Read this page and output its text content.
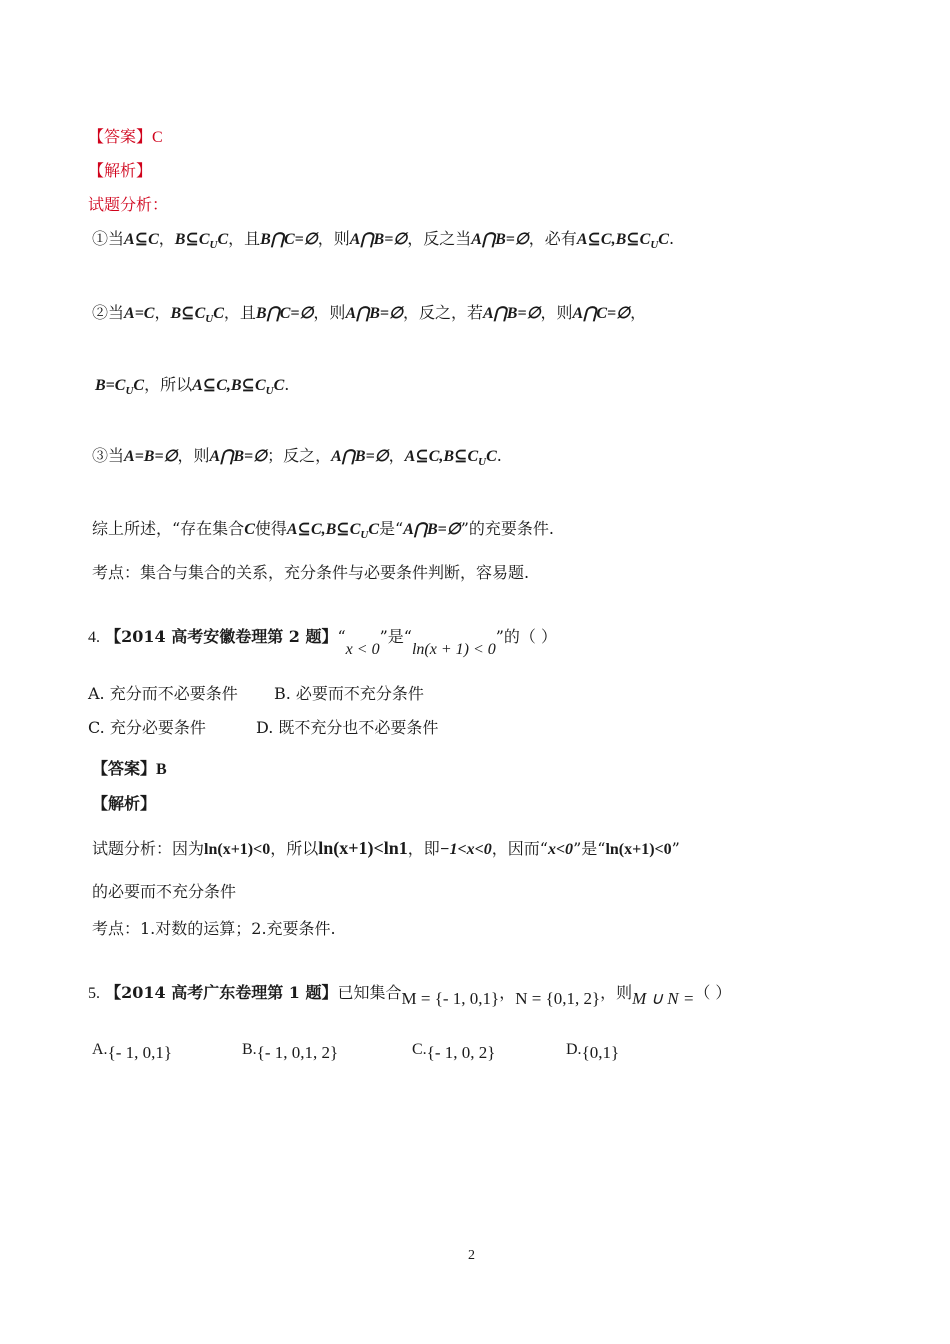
【答案】C
【解析】
试题分析：
①当A⊆C，$B⊆C_UC$，且B⋂C=∅，则A⋂B=∅，反之当A⋂B=∅，必有$A⊆C,B⊆C_UC$.
②当A=C，$B⊆C_UC$，且B⋂C=∅，则A⋂B=∅，反之，若A⋂B=∅，则A⋂C=∅，
$B=C_UC$，所以$A⊆C,B⊆C_UC$.
③当A=B=∅，则A⋂B=∅；反之，A⋂B=∅，$A⊆C,B⊆C_UC$.
综上所述，“存在集合C使得$A⊆C,B⊆C_UC$是“A⋂B=∅”的充要条件.
考点：集合与集合的关系，充分条件与必要条件判断，容易题.
4. 【2014 高考安徽卷理第 2 题】“x < 0”是“ln(x + 1) < 0”的（ ）
A. 充分而不必要条件 B. 必要而不充分条件
C. 充分必要条件	D. 既不充分也不必要条件
【答案】B
【解析】
试题分析：因为ln(x+1)<0，所以ln(x+1)<ln1，即−1<x<0，因而“x<0”是“ln(x+1)<0”
的必要而不充分条件
考点：1.对数的运算；2.充要条件.
5. 【2014 高考广东卷理第 1 题】已知集合M = {- 1, 0,1}，N = {0,1, 2}，则M ∪ N =（ ）
A.{- 1, 0,1}	B.{- 1, 0,1, 2}	C.{- 1, 0, 2}	D.{0,1}
2
